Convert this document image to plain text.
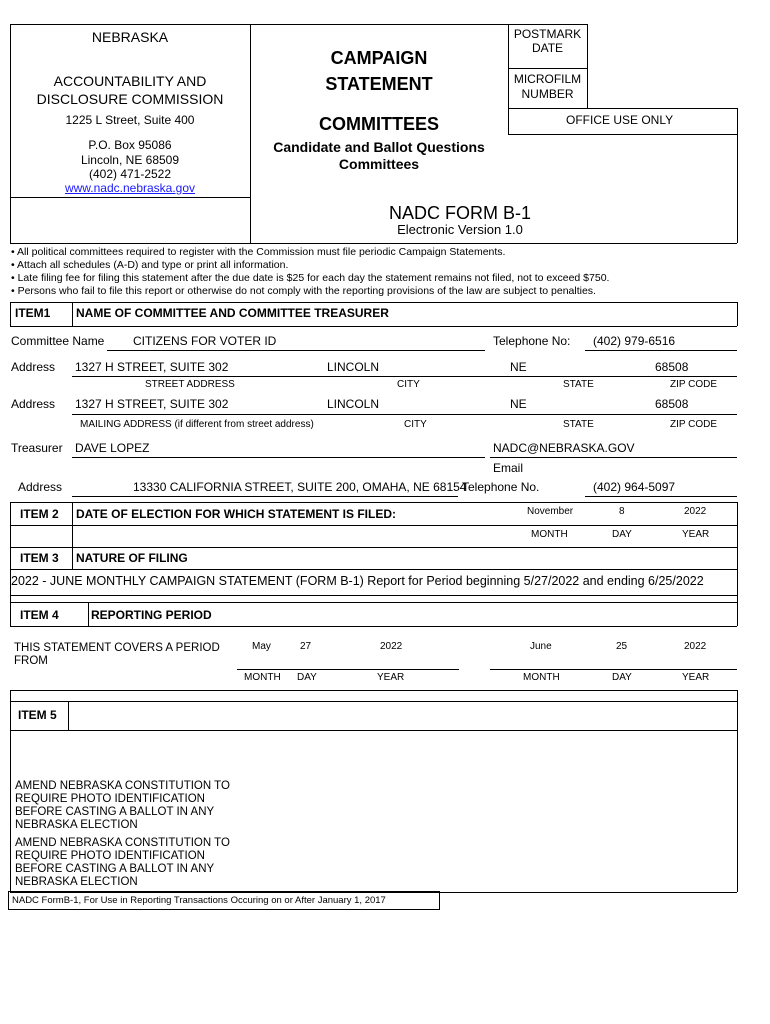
NEBRASKA
ACCOUNTABILITY AND
DISCLOSURE COMMISSION
1225 L Street, Suite 400
P.O. Box 95086
Lincoln, NE 68509
(402) 471-2522
www.nadc.nebraska.gov
CAMPAIGN
STATEMENT
COMMITTEES
Candidate and Ballot Questions
Committees
NADC FORM B-1
Electronic Version 1.0
POSTMARK
DATE
MICROFILM
NUMBER
OFFICE USE ONLY
• All political committees required to register with the Commission must file periodic Campaign Statements.
• Attach all schedules (A-D) and type or print all information.
• Late filing fee for filing this statement after the due date is $25 for each day the statement remains not filed, not to exceed $750.
• Persons who fail to file this report or otherwise do not comply with the reporting provisions of the law are subject to penalties.
ITEM1 NAME OF COMMITTEE AND COMMITTEE TREASURER
Committee Name CITIZENS FOR VOTER ID	Telephone No: (402) 979-6516
Address 1327 H STREET, SUITE 302	LINCOLN	NE	68508
STREET ADDRESS	CITY	STATE	ZIP CODE
Address 1327 H STREET, SUITE 302	LINCOLN	NE	68508
MAILING ADDRESS (if different from street address)	CITY	STATE	ZIP CODE
Treasurer DAVE LOPEZ	NADC@NEBRASKA.GOV
Email
Address	13330 CALIFORNIA STREET, SUITE 200, OMAHA, NE 68154
Telephone No.	(402) 964-5097
ITEM 2 DATE OF ELECTION FOR WHICH STATEMENT IS FILED:	November	8	2022
MONTH	DAY	YEAR
ITEM 3 NATURE OF FILING
2022 - JUNE MONTHLY CAMPAIGN STATEMENT (FORM B-1) Report for Period beginning 5/27/2022 and ending 6/25/2022
ITEM 4	REPORTING PERIOD
THIS STATEMENT COVERS A PERIOD
FROM
May	27	2022
MONTH DAY	YEAR
June	25	2022
MONTH	DAY	YEAR
ITEM 5
AMEND NEBRASKA CONSTITUTION TO
REQUIRE PHOTO IDENTIFICATION
BEFORE CASTING A BALLOT IN ANY
NEBRASKA ELECTION
AMEND NEBRASKA CONSTITUTION TO
REQUIRE PHOTO IDENTIFICATION
BEFORE CASTING A BALLOT IN ANY
NEBRASKA ELECTION
NADC FormB-1, For Use in Reporting Transactions Occuring on or After January 1, 2017
